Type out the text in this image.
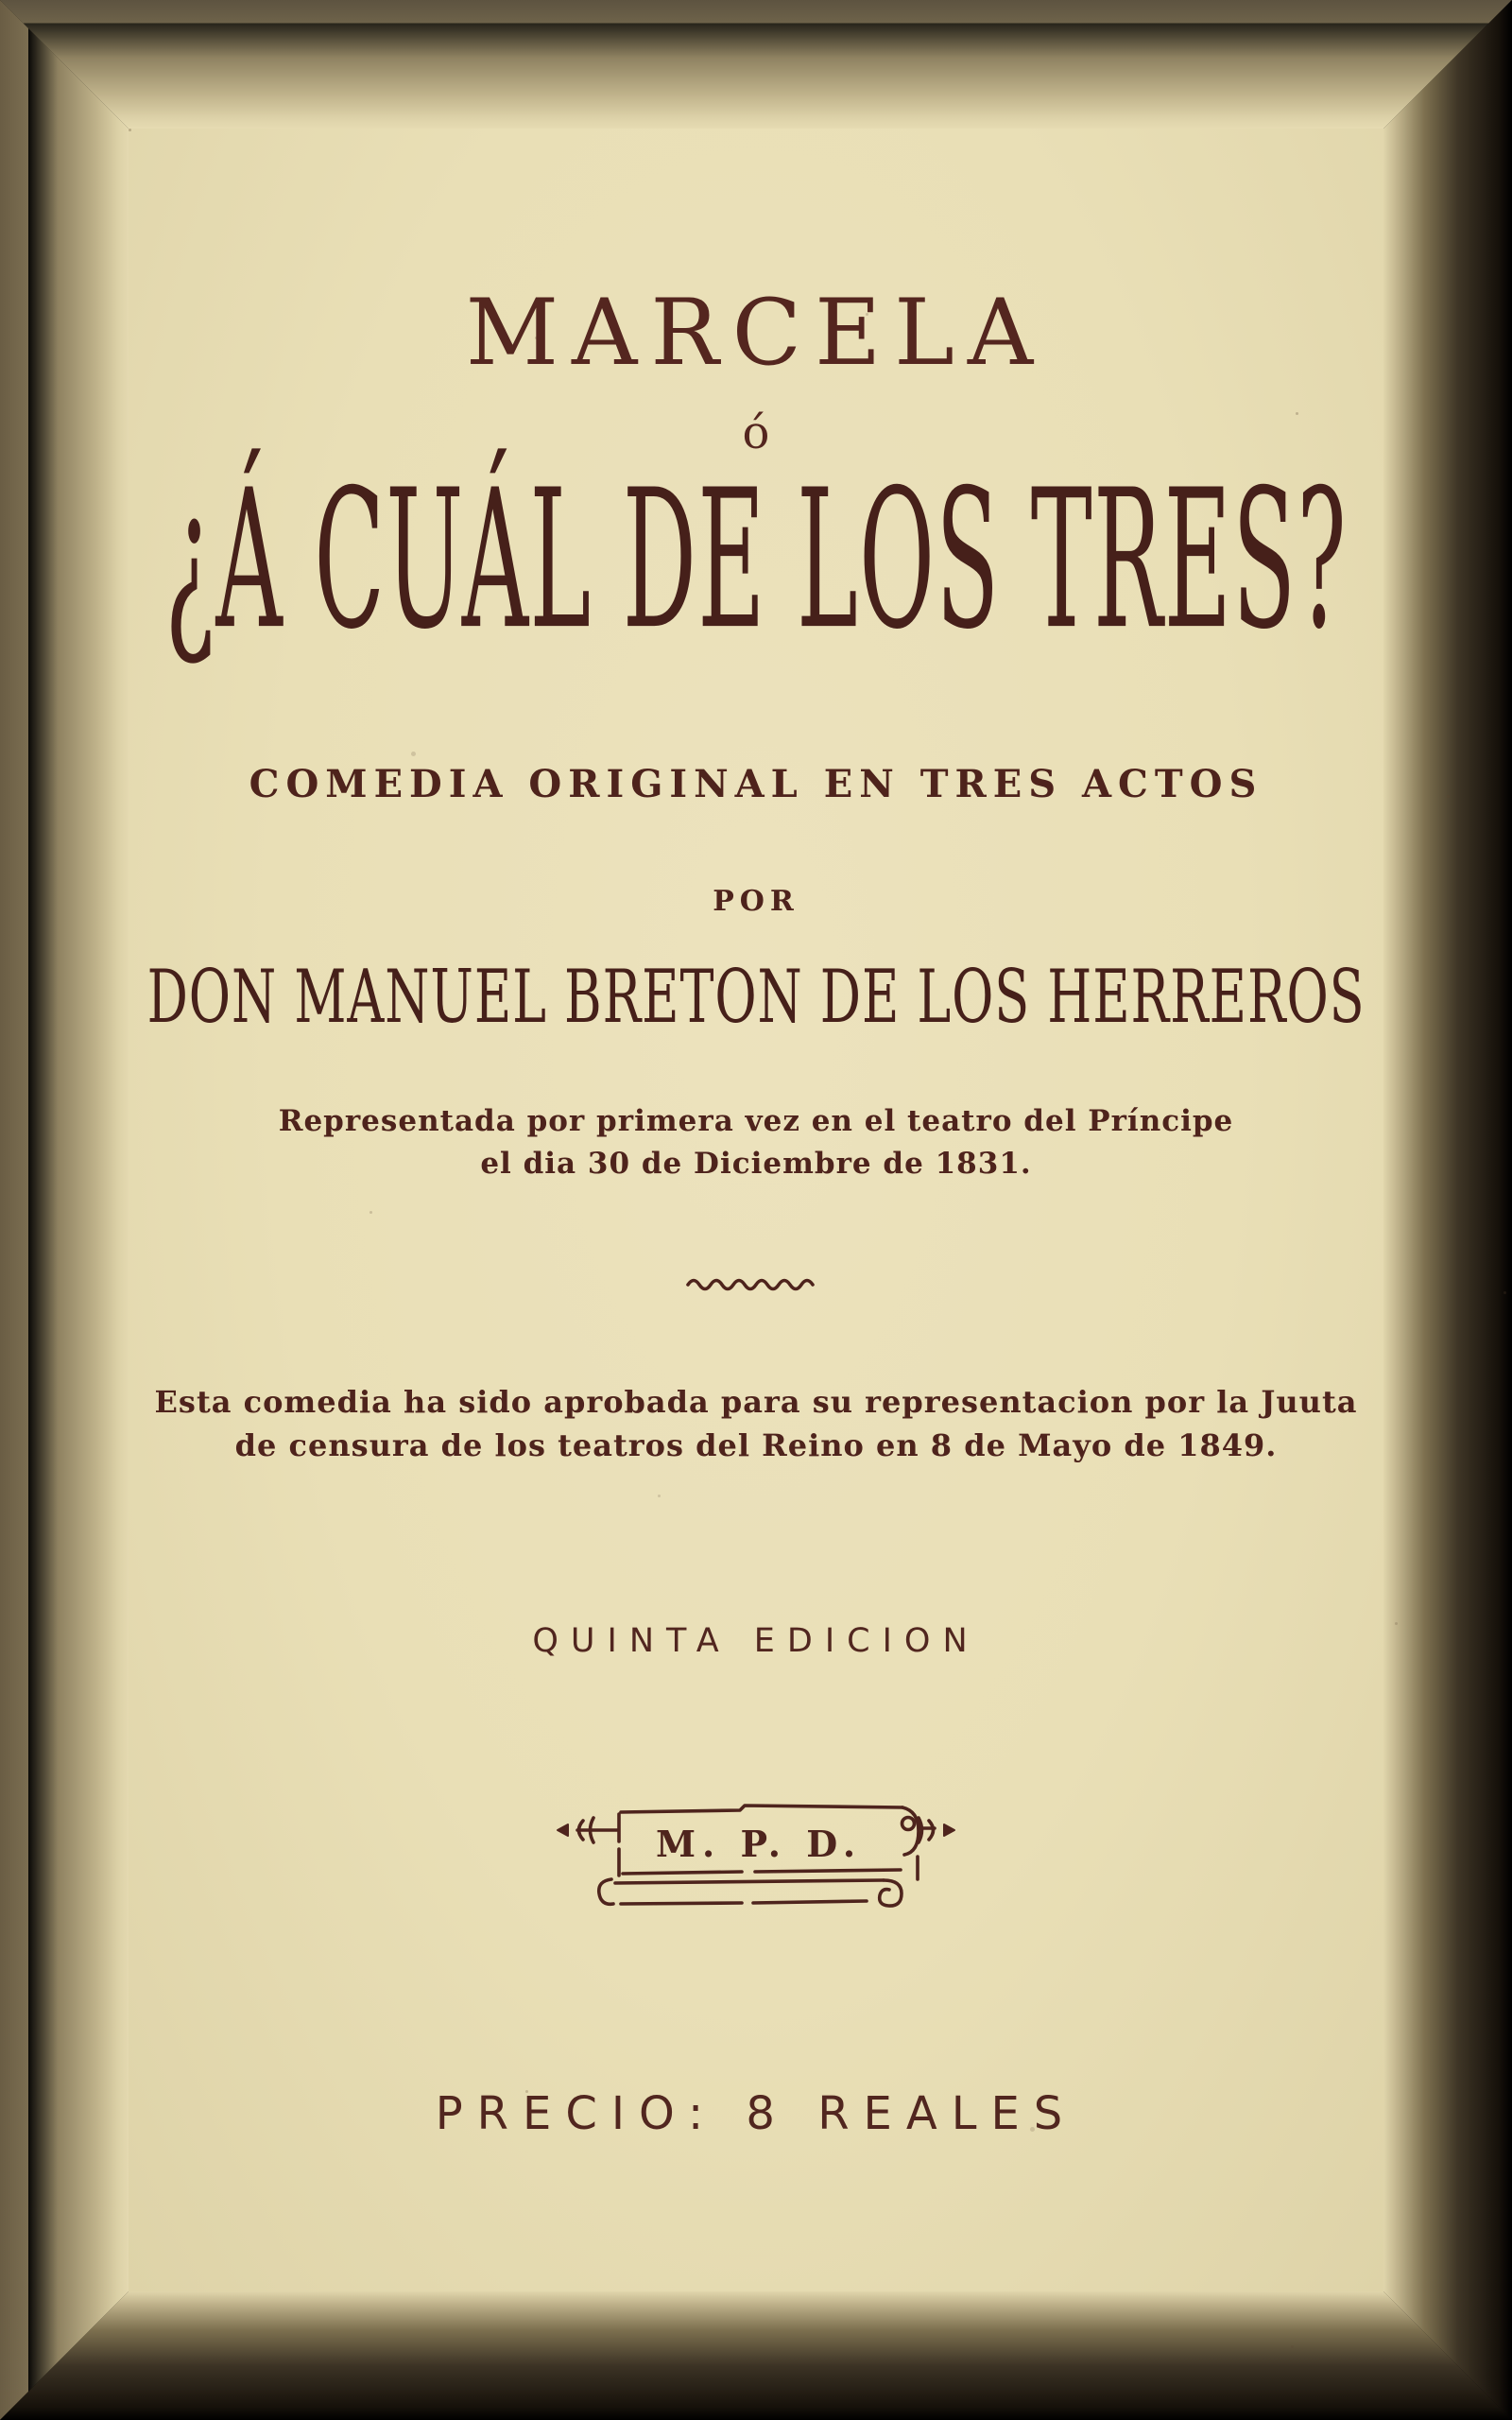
MARCELA
ó
¿Á CUÁL DE LOS TRES?
COMEDIA ORIGINAL EN TRES ACTOS
POR
DON MANUEL BRETON DE LOS HERREROS
Representada por primera vez en el teatro del Príncipe
el dia 30 de Diciembre de 1831.
Esta comedia ha sido aprobada para su representacion por la Juuta
de censura de los teatros del Reino en 8 de Mayo de 1849.
QUINTA EDICION
M. P. D.
PRECIO: 8 REALES
